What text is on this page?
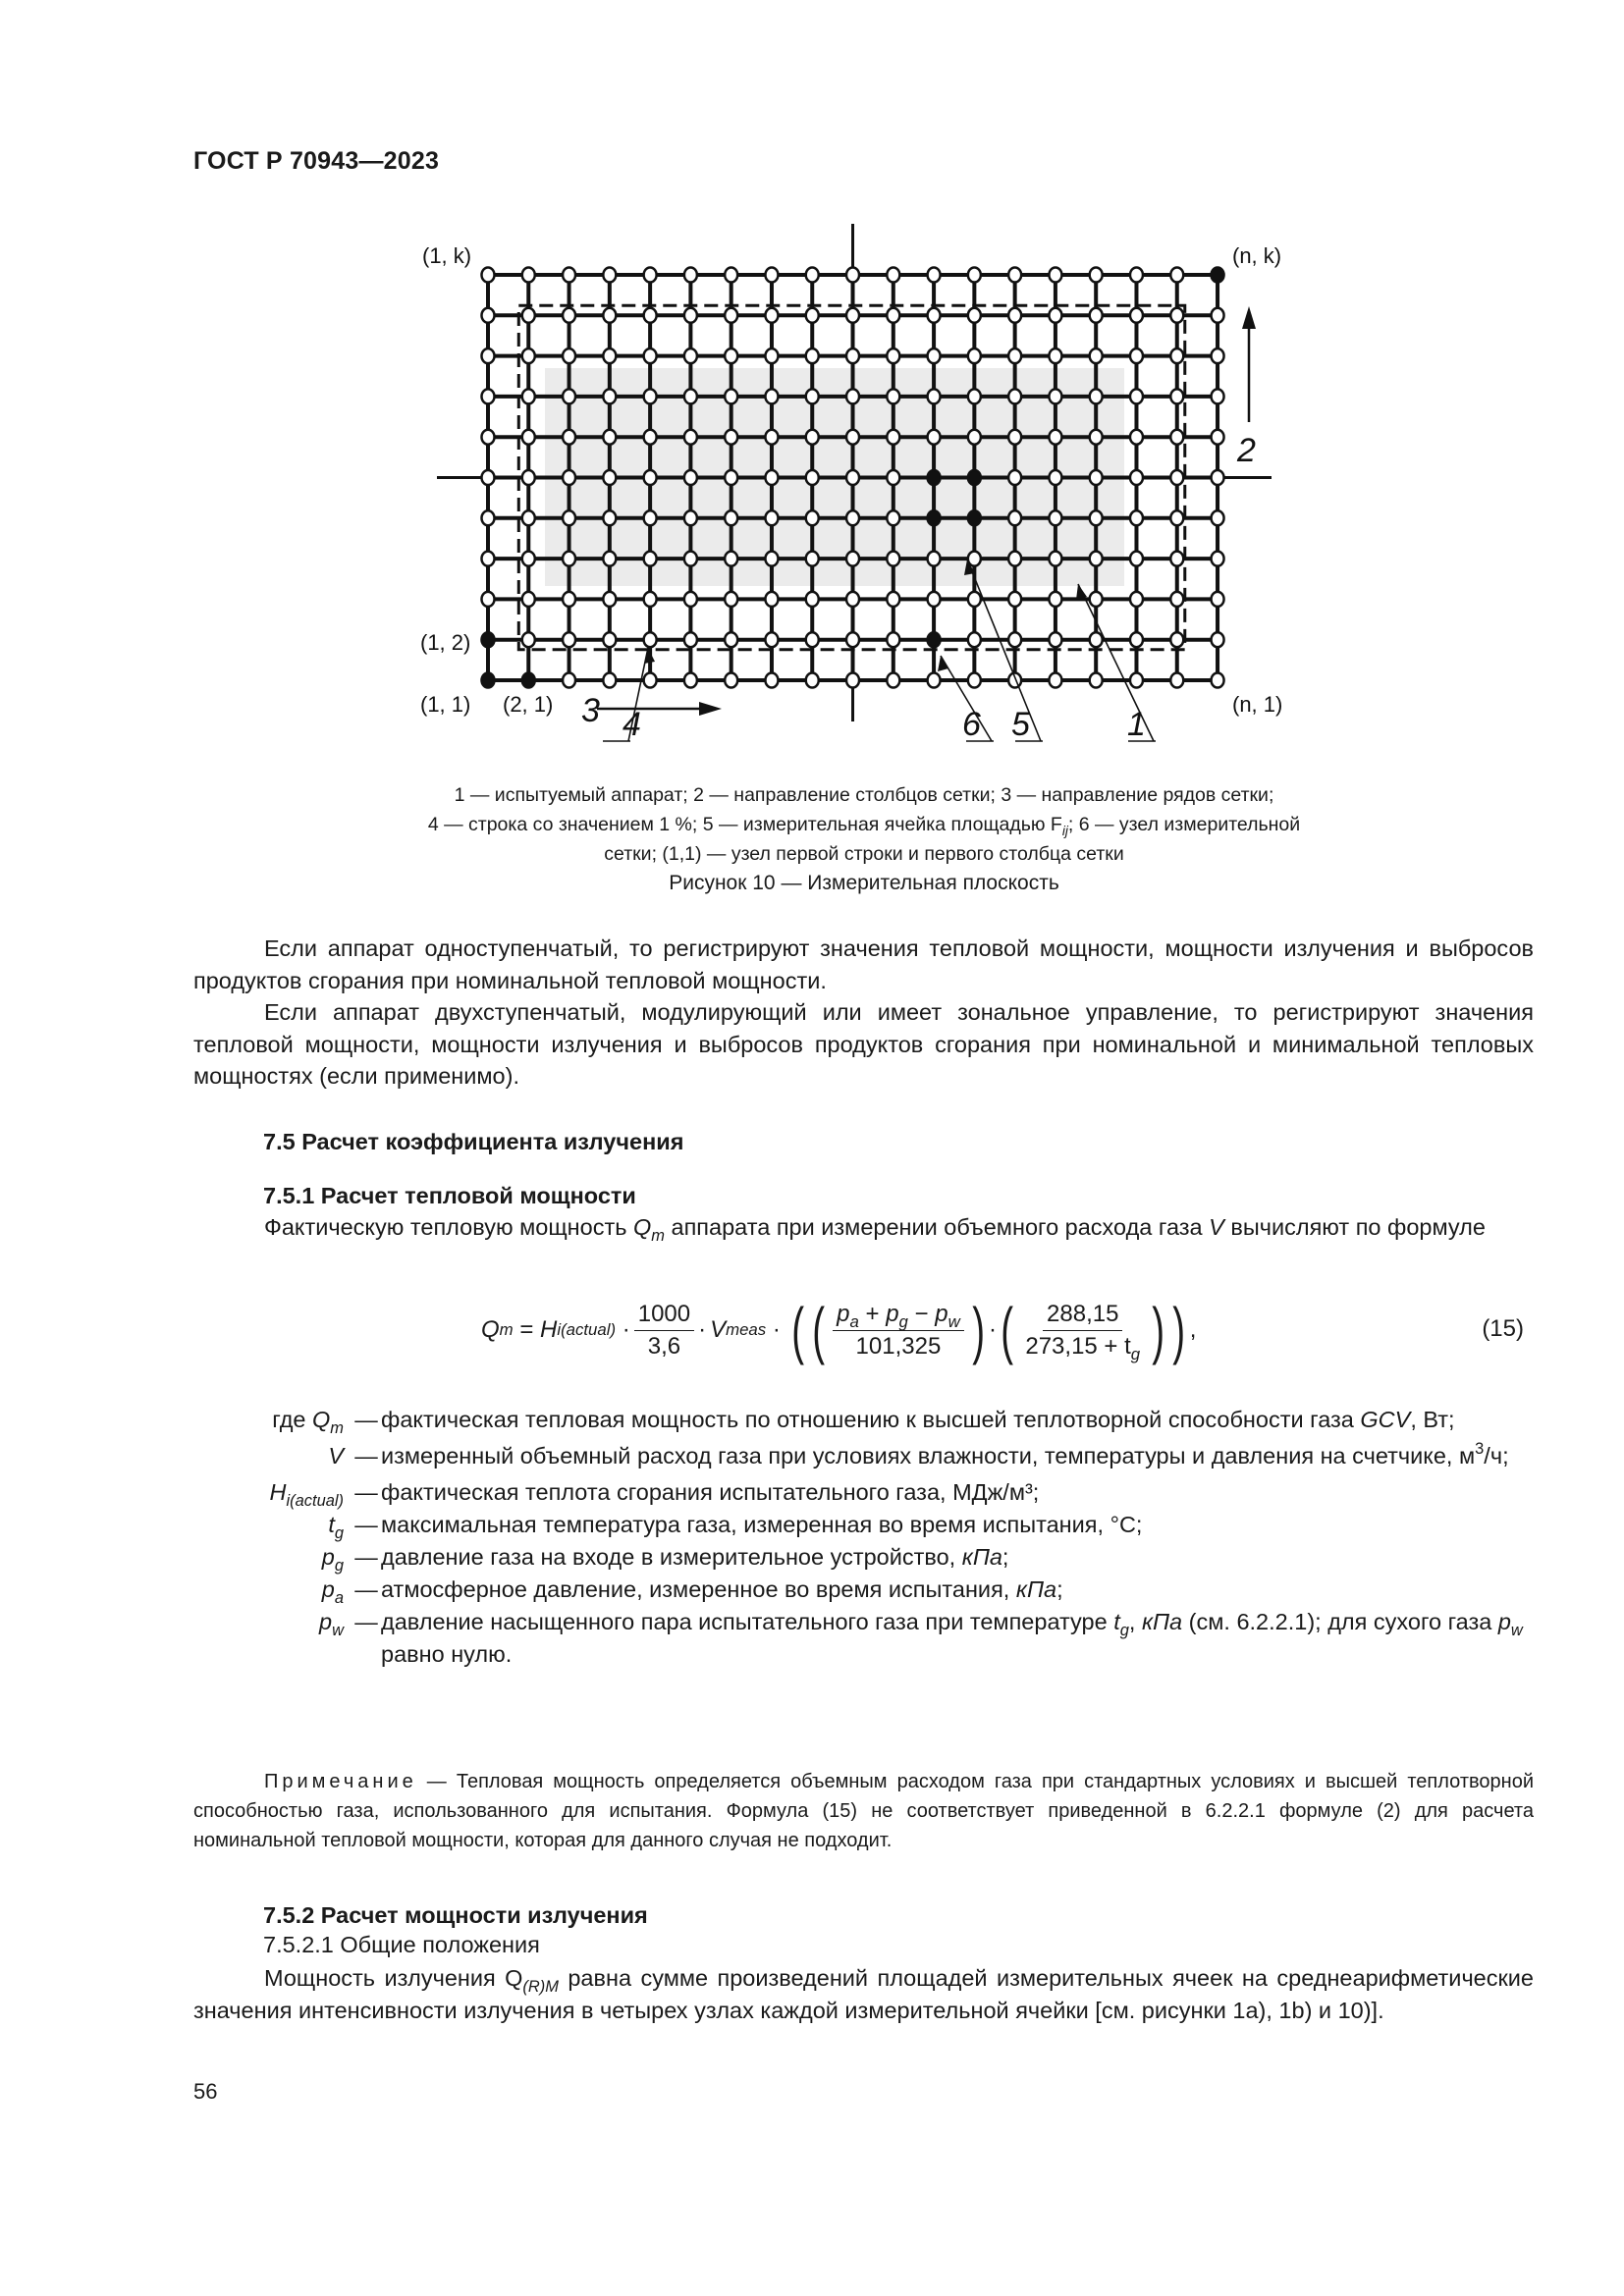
ГОСТ Р 70943—2023
(1, k)	(n, k)
(1, 2)
(1, 1) (2, 1)	(n, 1)
2
3 4	6 5	1
1 — испытуемый аппарат; 2 — направление столбцов сетки; 3 — направление рядов сетки;
4 — строка со значением 1 %; 5 — измерительная ячейка площадью $F_{ij}$; 6 — узел измерительной
сетки; (1,1) — узел первой строки и первого столбца сетки
Рисунок 10 — Измерительная плоскость
Если аппарат одноступенчатый, то регистрируют значения тепловой мощности, мощности излучения и выбросов продуктов сгорания при номинальной тепловой мощности.
Если аппарат двухступенчатый, модулирующий или имеет зональное управление, то регистрируют значения тепловой мощности, мощности излучения и выбросов продуктов сгорания при номинальной и минимальной тепловых мощностях (если применимо).
7.5 Расчет коэффициента излучения
7.5.1 Расчет тепловой мощности
Фактическую тепловую мощность $Q_m$ аппарата при измерении объемного расхода газа V вычисляют по формуле
Q m = H i(actual) · $\frac{1000}{3,6} \cdot V$ meas · ( ( $\frac{p_a + p_g - p_w}{101,325}$ ) · ( $\frac{288,15}{273,15 + t_g}$ ) ) ,	(15)
где $Q_m$ — фактическая тепловая мощность по отношению к высшей теплотворной способности газа GCV, Вт;
V — измеренный объемный расход газа при условиях влажности, температуры и давления на счетчике, $м^3/ч$;
$H_{i(actual)}$ — фактическая теплота сгорания испытательного газа, МДж/м³;
$t_g$ — максимальная температура газа, измеренная во время испытания, °С;
$p_g$ — давление газа на входе в измерительное устройство, кПа;
$p_a$ — атмосферное давление, измеренное во время испытания, кПа;
$p_w$ — давление насыщенного пара испытательного газа при температуре $t_g$, кПа (см. 6.2.2.1); для сухого газа $p_w$ равно нулю.
Примечание — Тепловая мощность определяется объемным расходом газа при стандартных условиях и высшей теплотворной способностью газа, использованного для испытания. Формула (15) не соответствует приведенной в 6.2.2.1 формуле (2) для расчета номинальной тепловой мощности, которая для данного случая не подходит.
7.5.2 Расчет мощности излучения
7.5.2.1 Общие положения
Мощность излучения $Q_{(R)M}$ равна сумме произведений площадей измерительных ячеек на среднеарифметические значения интенсивности излучения в четырех узлах каждой измерительной ячейки [см. рисунки 1a), 1b) и 10)].
56
